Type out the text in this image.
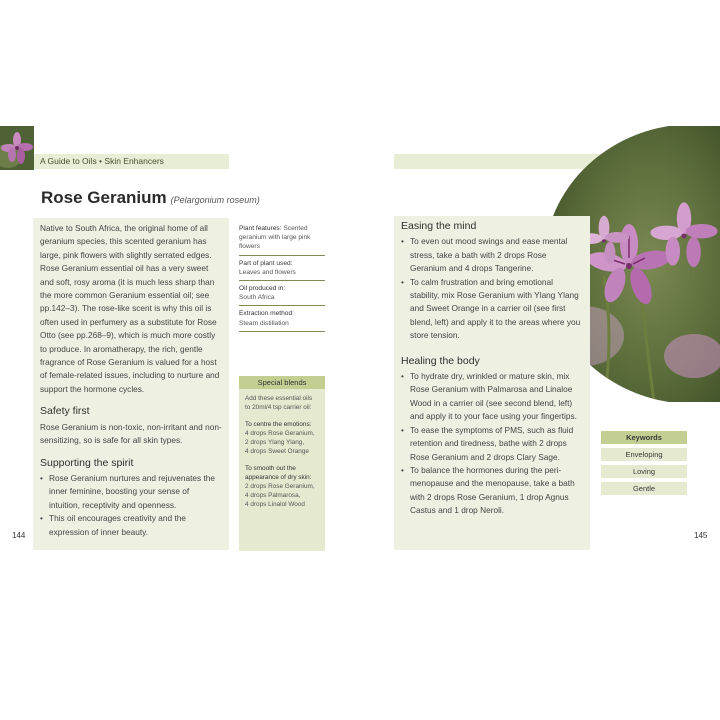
A Guide to Oils • Skin Enhancers
Rose Geranium (Pelargonium roseum)

Native to South Africa, the original home of all geranium species, this scented geranium has large, pink flowers with slightly serrated edges. Rose Geranium essential oil has a very sweet and soft, rosy aroma (it is much less sharp than the more common Geranium essential oil; see pp.142–3). The rose-like scent is why this oil is often used in perfumery as a substitute for Rose Otto (see pp.268–9), which is much more costly to produce. In aromatherapy, the rich, gentle fragrance of Rose Geranium is valued for a host of female-related issues, including to nurture and support the hormone cycles.

Safety first

Rose Geranium is non-toxic, non-irritant and non-sensitizing, so is safe for all skin types.

Supporting the spirit
• Rose Geranium nurtures and rejuvenates the inner feminine, boosting your sense of intuition, receptivity and openness.
• This oil encourages creativity and the expression of inner beauty.
144
Plant features: Scented geranium with large pink flowers
Part of plant used:
Leaves and flowers
Oil produced in:
South Africa
Extraction method:
Steam distillation
Special blends

Add these essential oils to 20ml/4 tsp carrier oil:

To centre the emotions:
4 drops Rose Geranium,
2 drops Ylang Ylang,
4 drops Sweet Orange

To smooth out the appearance of dry skin:
2 drops Rose Geranium,
4 drops Palmarosa,
4 drops Linalol Wood

Easing the mind
• To even out mood swings and ease mental stress, take a bath with 2 drops Rose Geranium and 4 drops Tangerine.
• To calm frustration and bring emotional stability, mix Rose Geranium with Ylang Ylang and Sweet Orange in a carrier oil (see first blend, left) and apply it to the areas where you store tension.
Healing the body
• To hydrate dry, wrinkled or mature skin, mix Rose Geranium with Palmarosa and Linaloe Wood in a carrier oil (see second blend, left) and apply it to your face using your fingertips.
• To ease the symptoms of PMS, such as fluid retention and tiredness, bathe with 2 drops Rose Geranium and 2 drops Clary Sage.
• To balance the hormones during the peri-menopause and the menopause, take a bath with 2 drops Rose Geranium, 1 drop Agnus Castus and 1 drop Neroli.
Keywords
Enveloping
Loving
Gentle
145
